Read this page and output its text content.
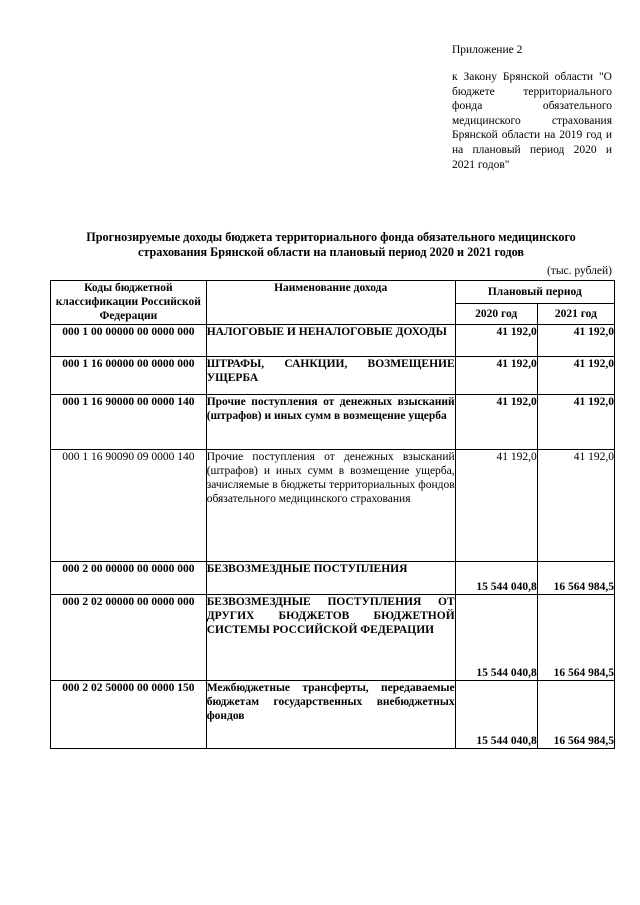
Приложение 2
к Закону Брянской области "О бюджете территориального фонда обязательного медицинского страхования Брянской области на 2019 год и на плановый период 2020 и 2021 годов"
Прогнозируемые доходы бюджета территориального фонда обязательного медицинского
страхования Брянской области на плановый период 2020 и 2021 годов
(тыс. рублей)
Коды бюджетной классификации Российской Федерации	Наименование дохода	Плановый период	
		2020 год	2021 год
000 1 00 00000 00 0000 000	НАЛОГОВЫЕ И НЕНАЛОГОВЫЕ ДОХОДЫ	41 192,0	41 192,0
000 1 16 00000 00 0000 000	ШТРАФЫ, САНКЦИИ, ВОЗМЕЩЕНИЕ УЩЕРБА	41 192,0	41 192,0
000 1 16 90000 00 0000 140	Прочие поступления от денежных взысканий (штрафов) и иных сумм в возмещение ущерба	41 192,0	41 192,0
000 1 16 90090 09 0000 140	Прочие поступления от денежных взысканий (штрафов) и иных сумм в возмещение ущерба, зачисляемые в бюджеты территориальных фондов обязательного медицинского страхования	41 192,0	41 192,0
000 2 00 00000 00 0000 000	БЕЗВОЗМЕЗДНЫЕ ПОСТУПЛЕНИЯ	15 544 040,8	16 564 984,5
000 2 02 00000 00 0000 000	БЕЗВОЗМЕЗДНЫЕ ПОСТУПЛЕНИЯ ОТ ДРУГИХ БЮДЖЕТОВ БЮДЖЕТНОЙ СИСТЕМЫ РОССИЙСКОЙ ФЕДЕРАЦИИ	15 544 040,8	16 564 984,5
000 2 02 50000 00 0000 150	Межбюджетные трансферты, передаваемые бюджетам государственных внебюджетных фондов	15 544 040,8	16 564 984,5
